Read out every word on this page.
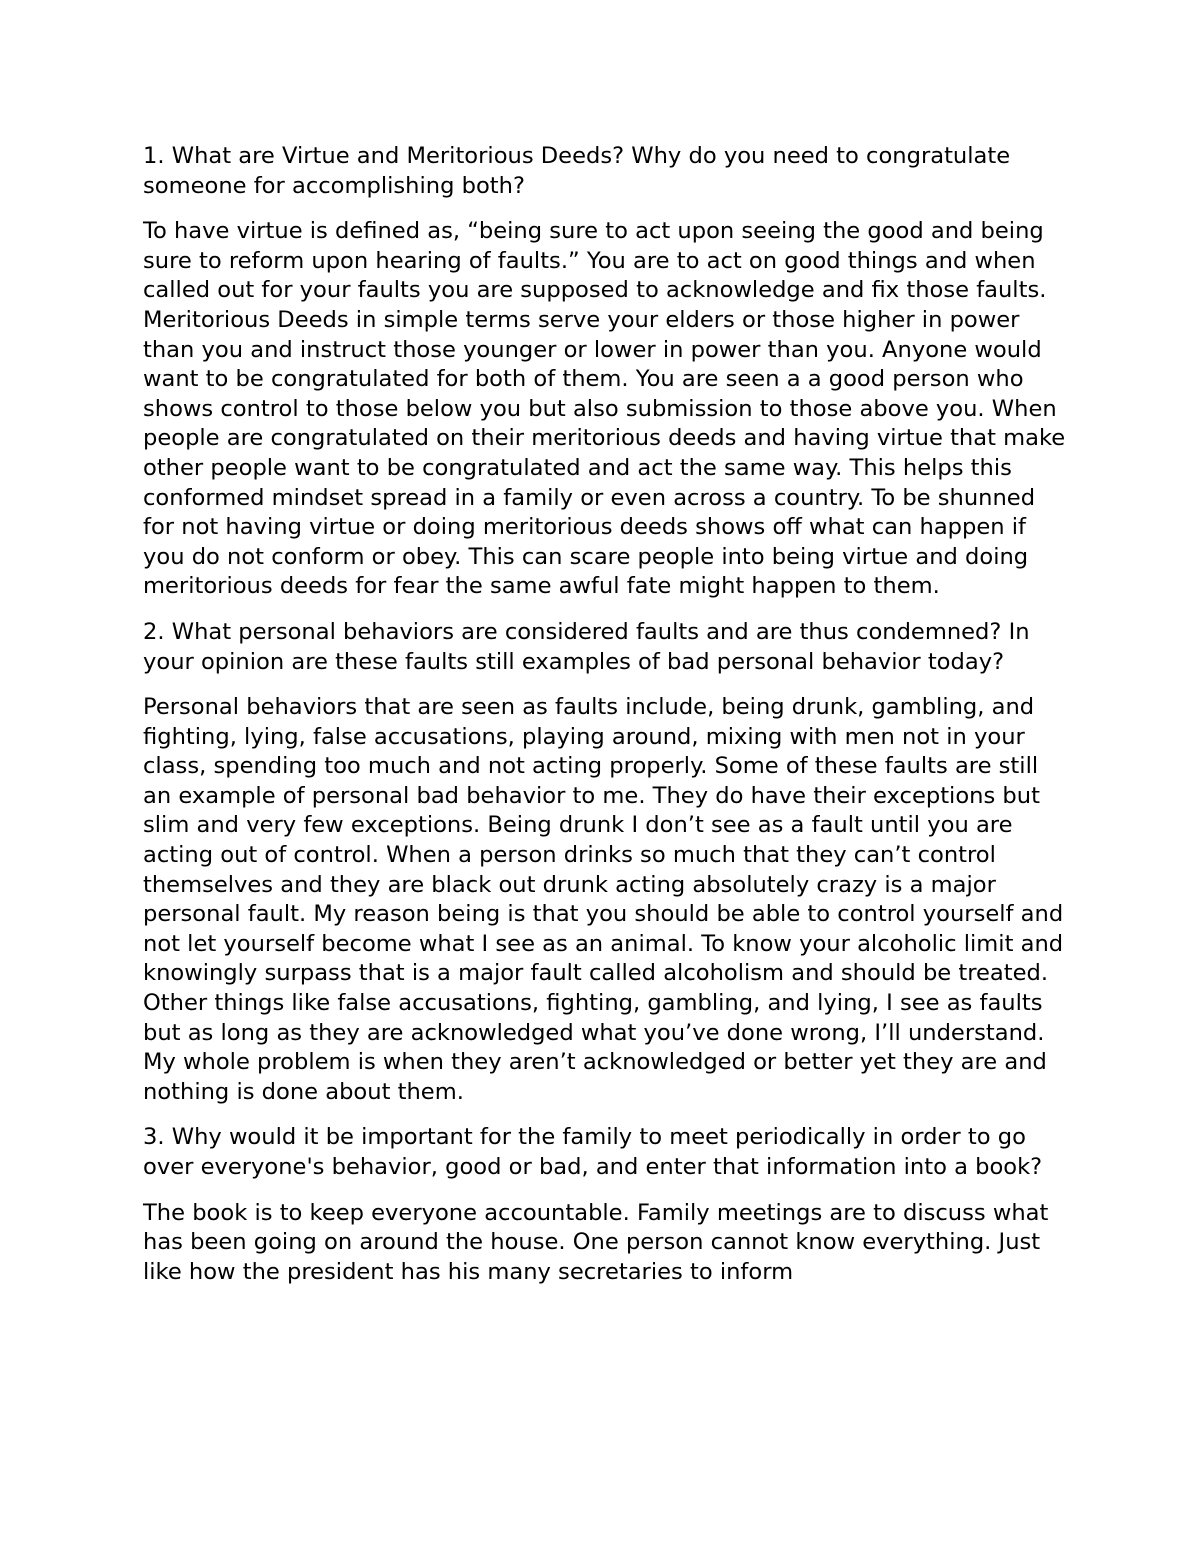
1. What are Virtue and Meritorious Deeds? Why do you need to congratulate someone for accomplishing both?

To have virtue is defined as, “being sure to act upon seeing the good and being sure to reform upon hearing of faults.” You are to act on good things and when called out for your faults you are supposed to acknowledge and fix those faults. Meritorious Deeds in simple terms serve your elders or those higher in power than you and instruct those younger or lower in power than you. Anyone would want to be congratulated for both of them. You are seen a a good person who shows control to those below you but also submission to those above you. When people are congratulated on their meritorious deeds and having virtue that make other people want to be congratulated and act the same way. This helps this conformed mindset spread in a family or even across a country. To be shunned for not having virtue or doing meritorious deeds shows off what can happen if you do not conform or obey. This can scare people into being virtue and doing meritorious deeds for fear the same awful fate might happen to them.

2. What personal behaviors are considered faults and are thus condemned? In your opinion are these faults still examples of bad personal behavior today?

Personal behaviors that are seen as faults include, being drunk, gambling, and fighting, lying, false accusations, playing around, mixing with men not in your class, spending too much and not acting properly. Some of these faults are still an example of personal bad behavior to me. They do have their exceptions but slim and very few exceptions. Being drunk I don’t see as a fault until you are acting out of control. When a person drinks so much that they can’t control themselves and they are black out drunk acting absolutely crazy is a major personal fault. My reason being is that you should be able to control yourself and not let yourself become what I see as an animal. To know your alcoholic limit and knowingly surpass that is a major fault called alcoholism and should be treated. Other things like false accusations, fighting, gambling, and lying, I see as faults but as long as they are acknowledged what you’ve done wrong, I’ll understand. My whole problem is when they aren’t acknowledged or better yet they are and nothing is done about them.

3. Why would it be important for the family to meet periodically in order to go over everyone's behavior, good or bad, and enter that information into a book?

The book is to keep everyone accountable. Family meetings are to discuss what has been going on around the house. One person cannot know everything. Just like how the president has his many secretaries to inform
